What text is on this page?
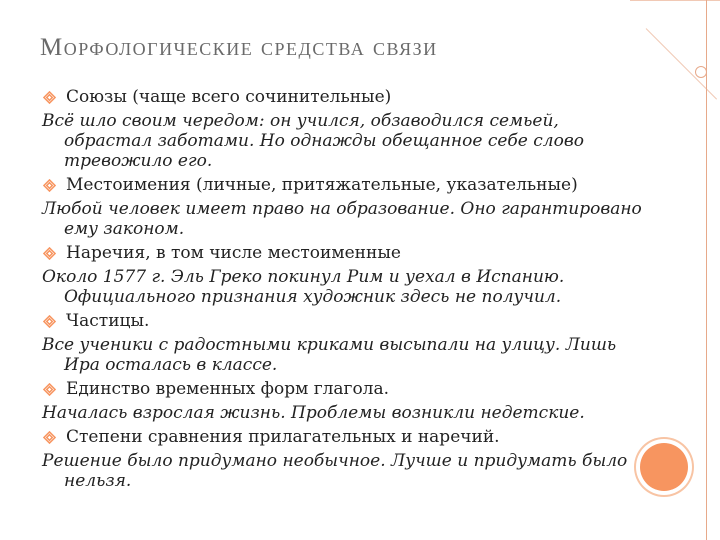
Морфологические средства связи
Союзы (чаще всего сочинительные)
Всё шло своим чередом: он учился, обзаводился семьей, обрастал заботами. Но однажды обещанное себе слово тревожило его.
Местоимения (личные, притяжательные, указательные)
Любой человек имеет право на образование. Оно гарантировано ему законом.
Наречия, в том числе местоименные
Около 1577 г. Эль Греко покинул Рим и уехал в Испанию. Официального признания художник здесь не получил.
Частицы.
Все ученики с радостными криками высыпали на улицу. Лишь Ира осталась в классе.
Единство временных форм глагола.
Началась взрослая жизнь. Проблемы возникли недетские.
Степени сравнения прилагательных и наречий.
Решение было придумано необычное. Лучше и придумать было нельзя.
